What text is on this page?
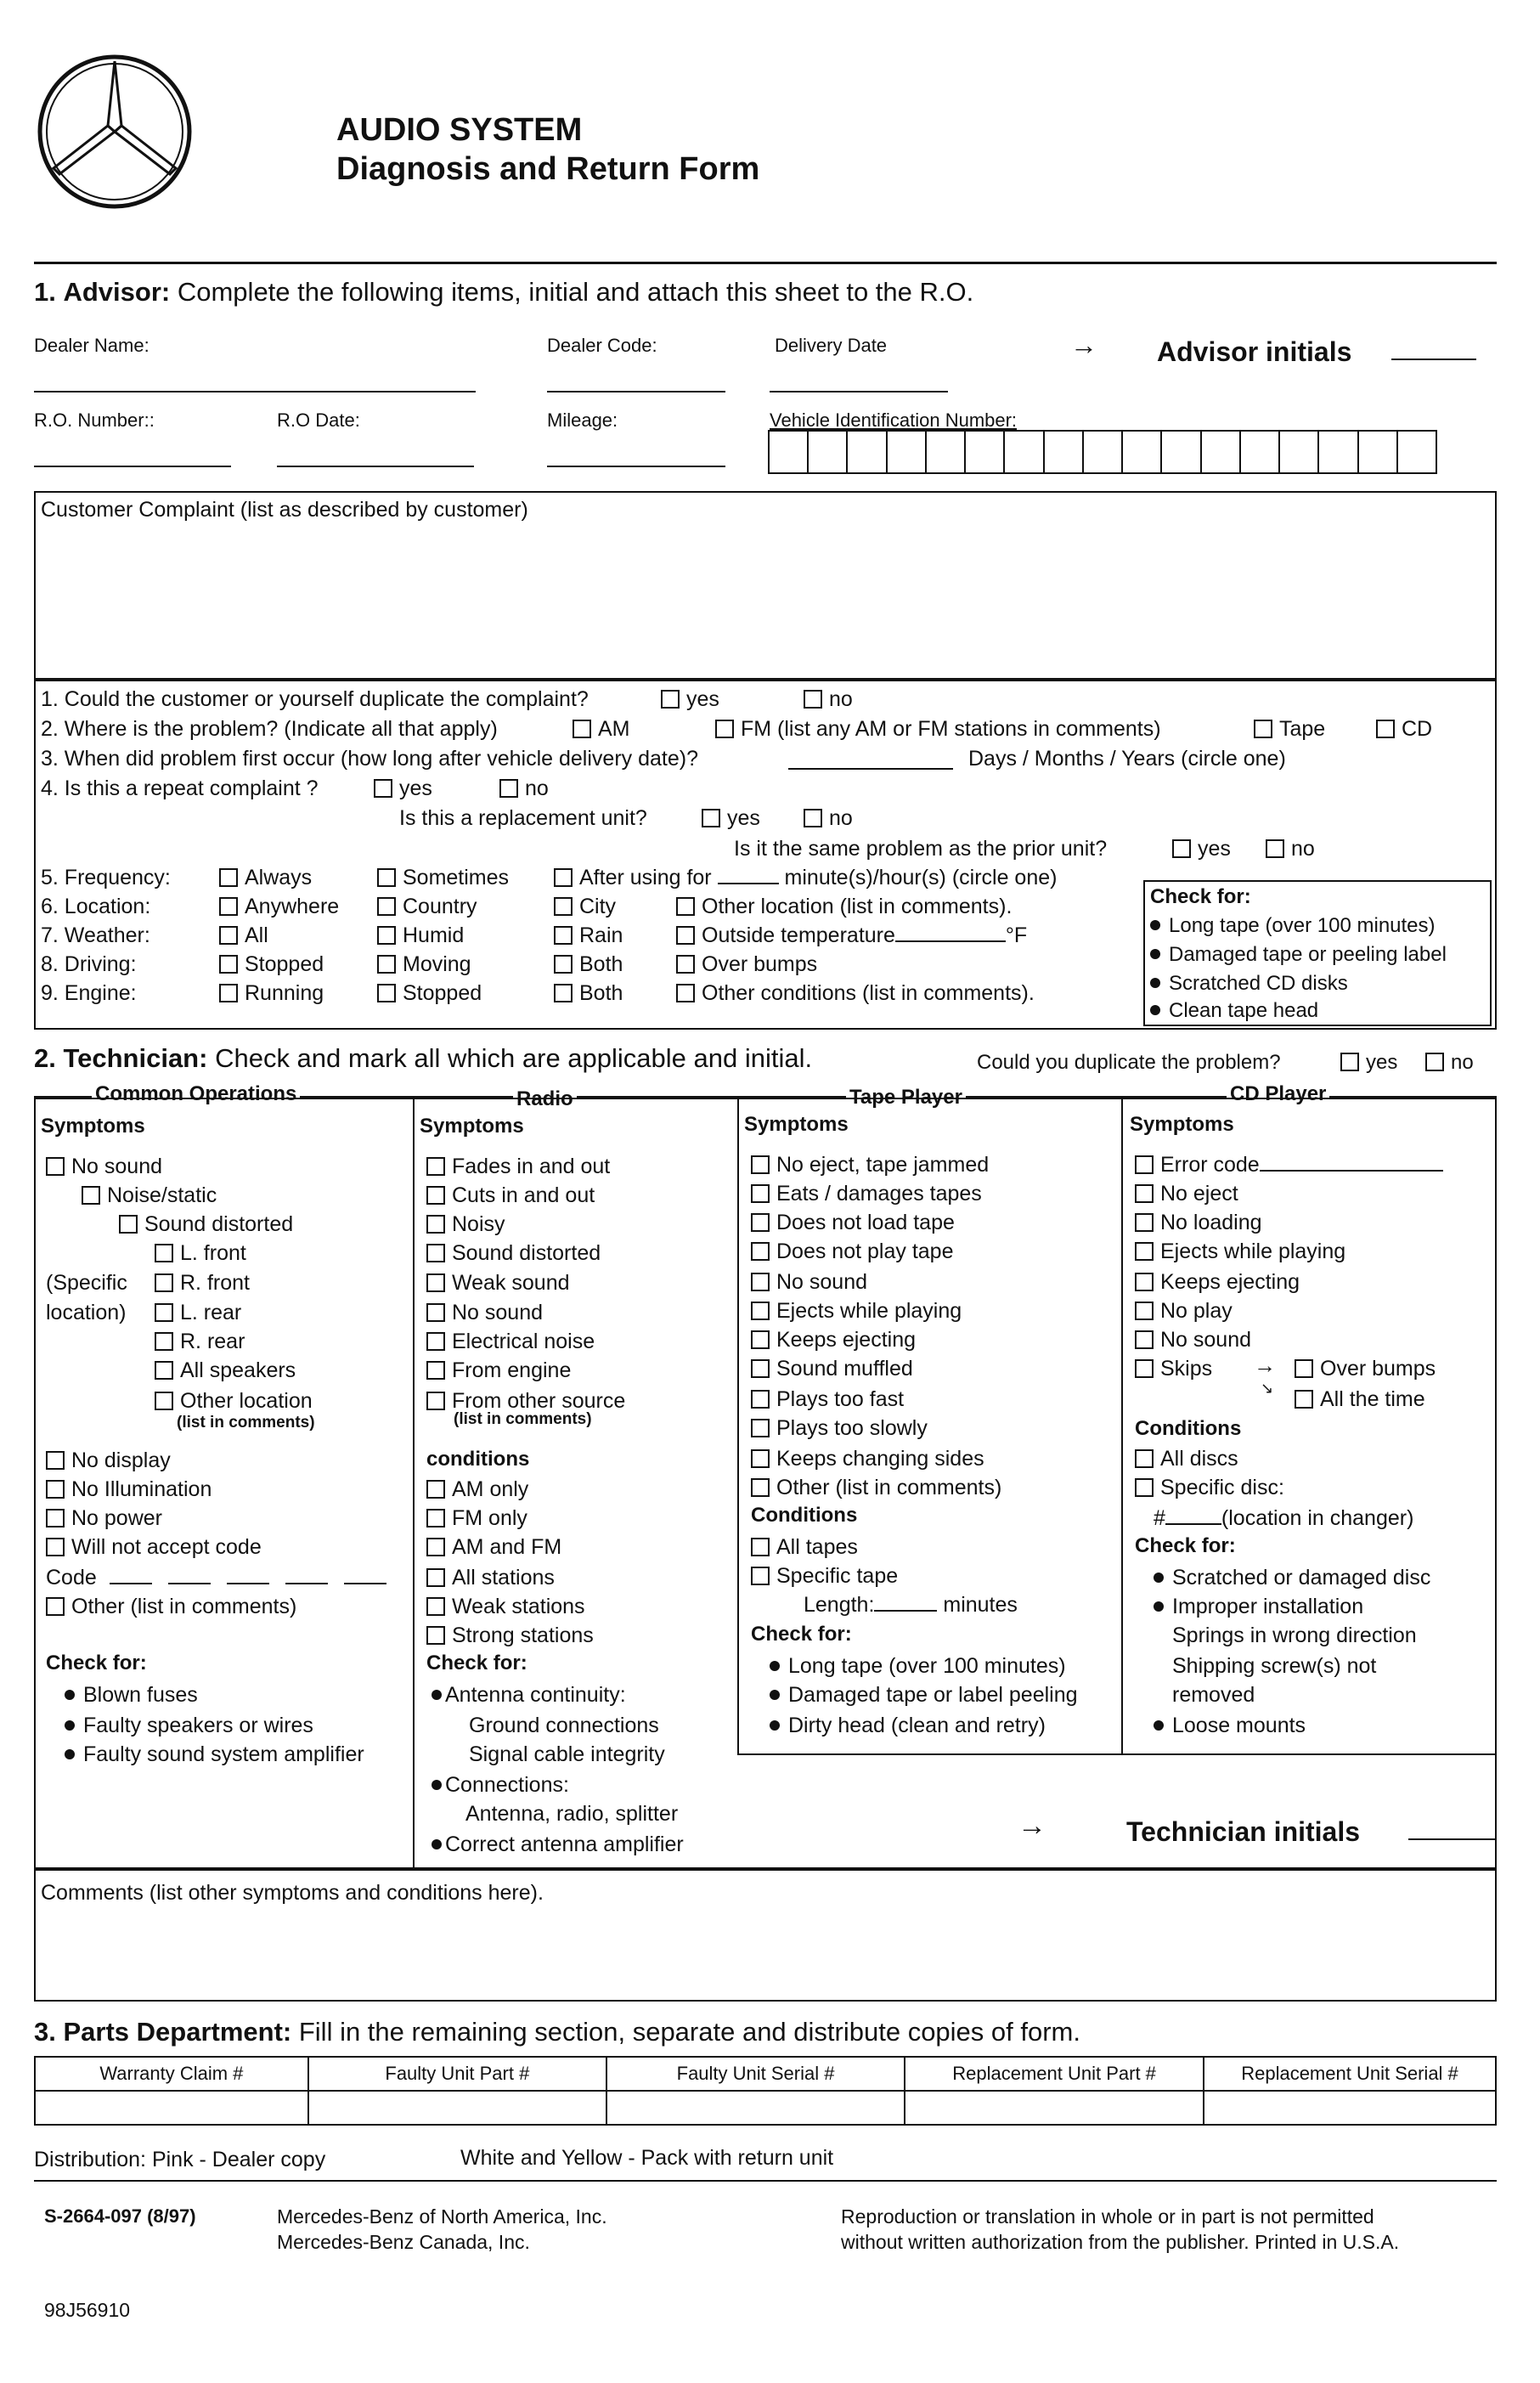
AUDIO SYSTEM
Diagnosis and Return Form
1. Advisor: Complete the following items, initial and attach this sheet to the R.O.
Dealer Name:	Dealer Code:	Delivery Date	→ Advisor initials
R.O. Number::	R.O Date:	Mileage:	Vehicle Identification Number:
Customer Complaint (list as described by customer)
1. Could the customer or yourself duplicate the complaint?	yes	no
2. Where is the problem? (Indicate all that apply)	AM	FM (list any AM or FM stations in comments)	Tape	CD
3. When did problem first occur (how long after vehicle delivery date)?	Days / Months / Years (circle one)
4. Is this a repeat complaint ?	yes	no
Is this a replacement unit?	yes	no
Is it the same problem as the prior unit?	yes	no
5. Frequency:	Always	Sometimes	After using for	minute(s)/hour(s) (circle one)
6. Location:	Anywhere	Country	City	Other location (list in comments).
7. Weather:	All	Humid	Rain	Outside temperature	°F
8. Driving:	Stopped	Moving	Both	Over bumps
9. Engine:	Running	Stopped	Both	Other conditions (list in comments).
Check for:
Long tape (over 100 minutes)
Damaged tape or peeling label
Scratched CD disks
Clean tape head
2. Technician: Check and mark all which are applicable and initial.	Could you duplicate the problem?	yes	no
Common Operations	Radio	Tape Player	CD Player
Symptoms
No sound
Noise/static
Sound distorted
L. front
(Specific	R. front
location)	L. rear
R. rear
All speakers
Other location
(list in comments)
No display
No Illumination
No power
Will not accept code
Code
Other (list in comments)
Check for:
Blown fuses
Faulty speakers or wires
Faulty sound system amplifier
Symptoms
Fades in and out
Cuts in and out
Noisy
Sound distorted
Weak sound
No sound
Electrical noise
From engine
From other source
(list in comments)
conditions
AM only
FM only
AM and FM
All stations
Weak stations
Strong stations
Check for:
Antenna continuity:
Ground connections
Signal cable integrity
Connections:
Antenna, radio, splitter
Correct antenna amplifier
Symptoms
No eject, tape jammed
Eats / damages tapes
Does not load tape
Does not play tape
No sound
Ejects while playing
Keeps ejecting
Sound muffled
Plays too fast
Plays too slowly
Keeps changing sides
Other (list in comments)
Conditions
All tapes
Specific tape
Length:	minutes
Check for:
Long tape (over 100 minutes)
Damaged tape or label peeling
Dirty head (clean and retry)
Symptoms
Error code
No eject
No loading
Ejects while playing
Keeps ejecting
No play
No sound
Skips →
↘
Over bumps
All the time
Conditions
All discs
Specific disc:
#	(location in changer)
Check for:
Scratched or damaged disc
Improper installation
Springs in wrong direction
Shipping screw(s) not
removed
Loose mounts
→	Technician initials
Comments (list other symptoms and conditions here).
3. Parts Department: Fill in the remaining section, separate and distribute copies of form.
Warranty Claim #	Faulty Unit Part #	Faulty Unit Serial #	Replacement Unit Part #	Replacement Unit Serial #

Distribution: Pink - Dealer copy	White and Yellow - Pack with return unit
S-2664-097 (8/97)	Mercedes-Benz of North America, Inc.
Mercedes-Benz Canada, Inc.
Reproduction or translation in whole or in part is not permitted
without written authorization from the publisher. Printed in U.S.A.
98J56910
